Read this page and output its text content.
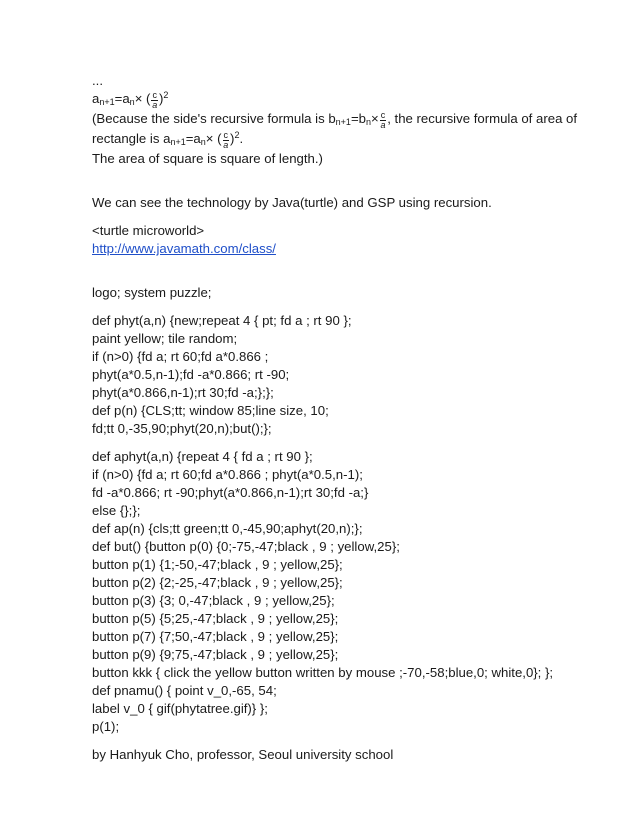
...
$a_{n+1}=a_n\times$ ( $\frac{c}{a} )^2$
(Because the side's recursive formula is $b_{n+1}=b_n\times \frac{c}{a}$ , the recursive formula of area of
rectangle is $a_{n+1}=a_n\times$ ( $\frac{c}{a} )^2$.
The area of square is square of length.)
We can see the technology by Java(turtle) and GSP using recursion.
<turtle microworld>
http://www.javamath.com/class/
logo; system puzzle;
def phyt(a,n) {new;repeat 4 { pt; fd a ; rt 90 };
paint yellow; tile random;
if (n>0) {fd a; rt 60;fd a*0.866 ;
phyt(a*0.5,n-1);fd -a*0.866; rt -90;
phyt(a*0.866,n-1);rt 30;fd -a;};};
def p(n) {CLS;tt; window 85;line size, 10;
fd;tt 0,-35,90;phyt(20,n);but();};
def aphyt(a,n) {repeat 4 { fd a ; rt 90 };
if (n>0) {fd a; rt 60;fd a*0.866 ; phyt(a*0.5,n-1);
fd -a*0.866; rt -90;phyt(a*0.866,n-1);rt 30;fd -a;}
else {};};
def ap(n) {cls;tt green;tt 0,-45,90;aphyt(20,n);};
def but() {button p(0) {0;-75,-47;black , 9 ; yellow,25};
button p(1) {1;-50,-47;black , 9 ; yellow,25};
button p(2) {2;-25,-47;black , 9 ; yellow,25};
button p(3) {3; 0,-47;black , 9 ; yellow,25};
button p(5) {5;25,-47;black , 9 ; yellow,25};
button p(7) {7;50,-47;black , 9 ; yellow,25};
button p(9) {9;75,-47;black , 9 ; yellow,25};
button kkk { click the yellow button written by mouse ;-70,-58;blue,0; white,0}; };
def pnamu() { point v_0,-65, 54;
label v_0 { gif(phytatree.gif)} };
p(1);
by Hanhyuk Cho, professor, Seoul university school
